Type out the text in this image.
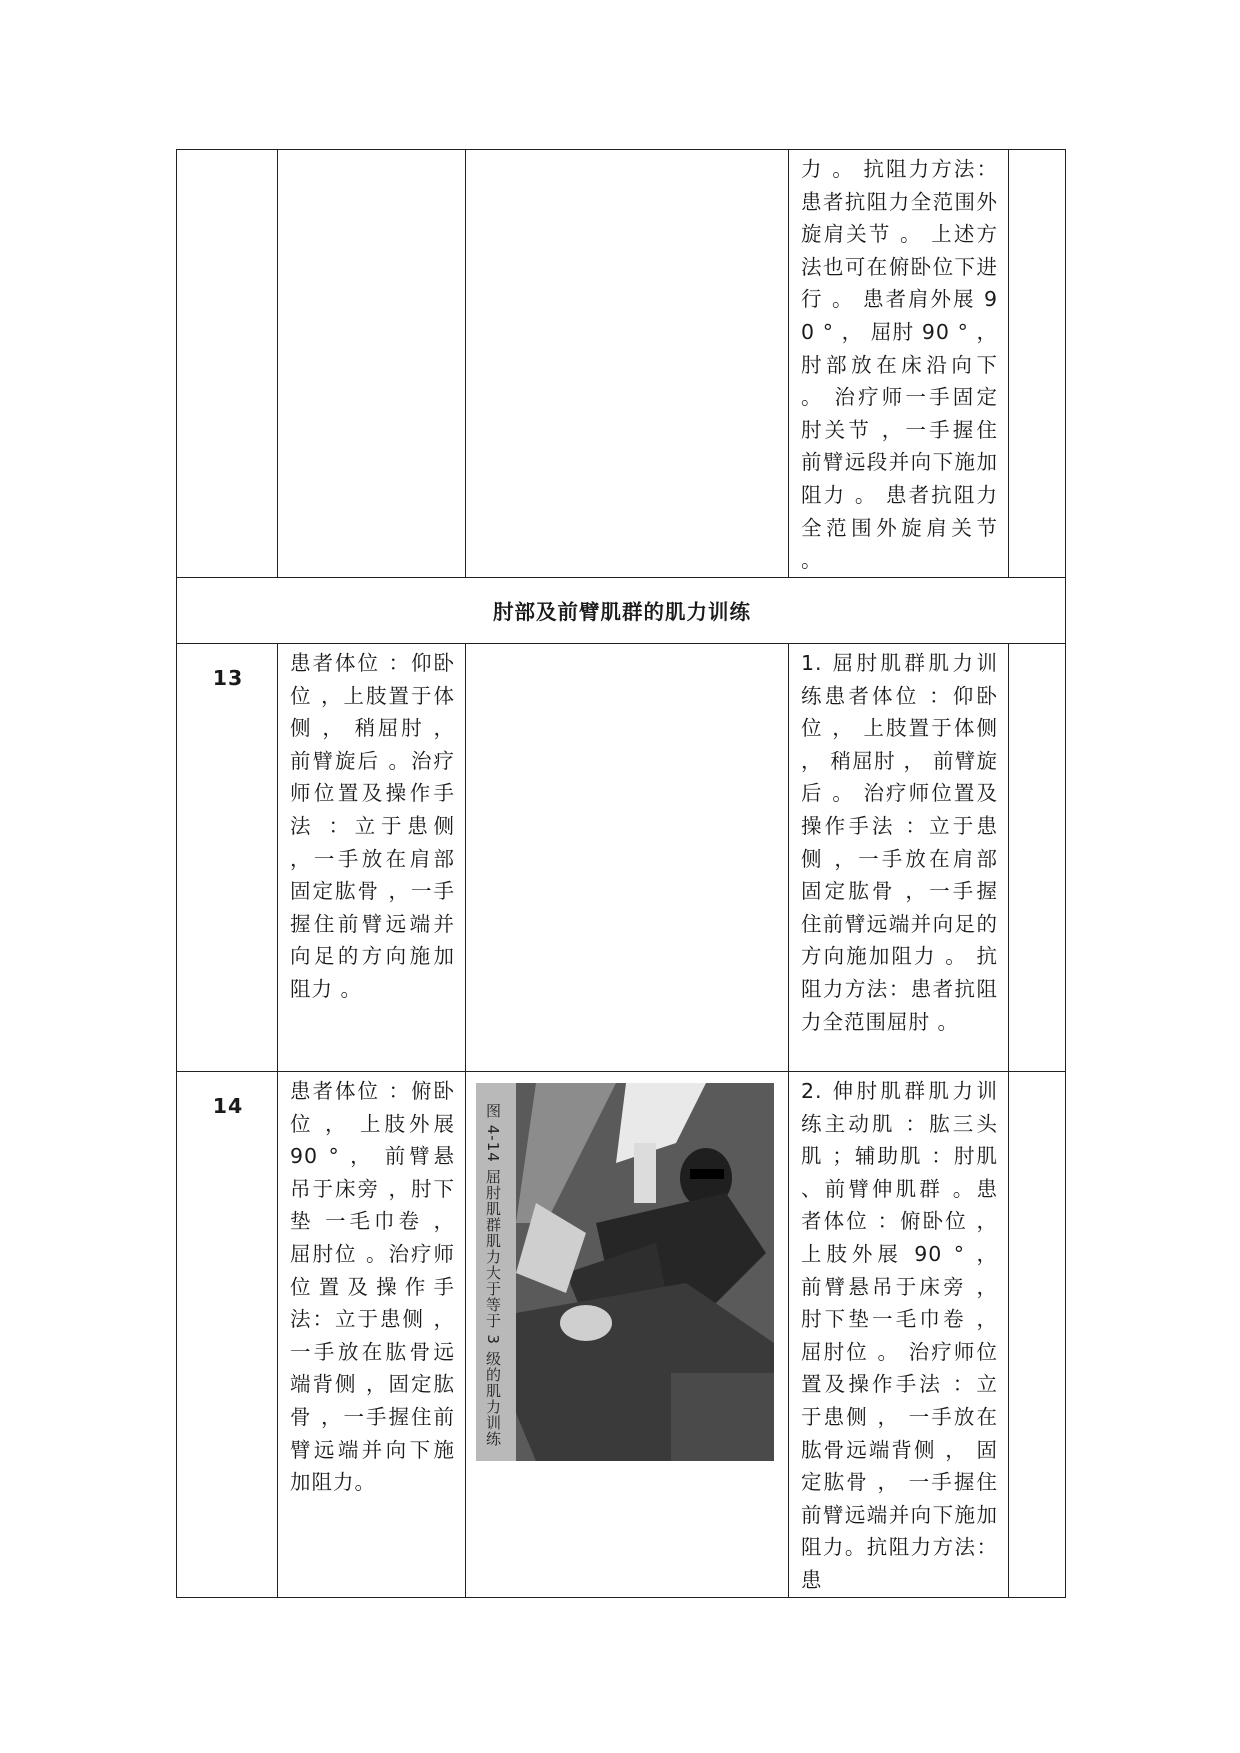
			力 。 抗阻力方法：患者抗阻力全范围外旋肩关节 。 上述方法也可在俯卧位下进行 。 患者肩外展 90 ° ， 屈肘 90 ° ， 肘部放在床沿向下 。 治疗师一手固定肘关节 ，一手握住前臂远段并向下施加阻力 。 患者抗阻力全范围外旋肩关节 。	
肘部及前臂肌群的肌力训练				
13	患者体位 ：仰卧位 ，上肢置于体侧 ， 稍屈肘 ，前臂旋后 。治疗师位置及操作手法 ：立于患侧 ，一手放在肩部固定肱骨 ，一手握住前臂远端并向足的方向施加阻力 。		1. 屈肘肌群肌力训练患者体位 ：仰卧位 ， 上肢置于体侧 ， 稍屈肘 ， 前臂旋后 。 治疗师位置及操作手法 ：立于患侧 ，一手放在肩部固定肱骨 ，一手握住前臂远端并向足的方向施加阻力 。 抗阻力方法：患者抗阻力全范围屈肘 。	
14	患者体位 ：俯卧位 ， 上肢外展 90 ° ， 前臂悬吊于床旁 ，肘下垫 一毛巾卷 ，屈肘位 。治疗师位置及操作手法：立于患侧 ，一手放在肱骨远端背侧 ，固定肱骨 ，一手握住前臂远端并向下施加阻力。	图 4-14 屈肘肌群肌力大于等于 3 级的肌力训练	2. 伸肘肌群肌力训练主动肌 ：肱三头肌 ；辅助肌 ：肘肌 、前臂伸肌群 。患者体位 ：俯卧位 ， 上肢外展 90 ° ， 前臂悬吊于床旁 ， 肘下垫一毛巾卷 ， 屈肘位 。 治疗师位置及操作手法 ：立于患侧 ， 一手放在肱骨远端背侧 ， 固定肱骨 ， 一手握住前臂远端并向下施加阻力。抗阻力方法：患	
